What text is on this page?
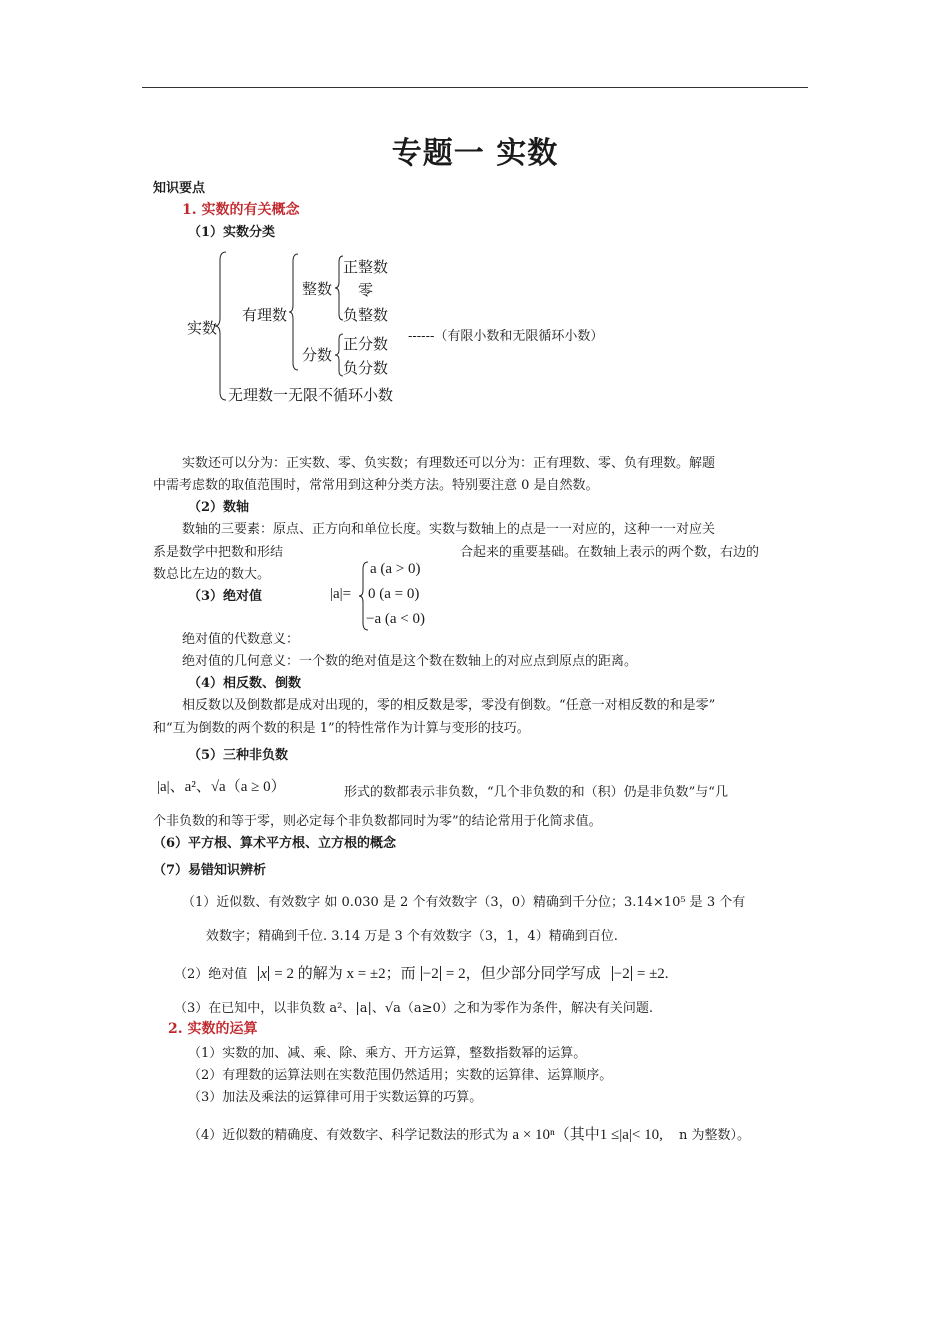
专题一 实数
知识要点
1. 实数的有关概念
（1）实数分类
实数
有理数
整数
正整数
零
负整数
分数
正分数
负分数
------（有限小数和无限循环小数）
无理数一无限不循环小数
实数还可以分为：正实数、零、负实数；有理数还可以分为：正有理数、零、负有理数。解题
中需考虑数的取值范围时，常常用到这种分类方法。特别要注意 0 是自然数。
（2）数轴
数轴的三要素：原点、正方向和单位长度。实数与数轴上的点是一一对应的，这种一一对应关
系是数学中把数和形结	合起来的重要基础。在数轴上表示的两个数，右边的
数总比左边的数大。
（3）绝对值	|a|=
a (a > 0)
0 (a = 0)
−a (a < 0)
绝对值的代数意义：
绝对值的几何意义：一个数的绝对值是这个数在数轴上的对应点到原点的距离。
（4）相反数、倒数
相反数以及倒数都是成对出现的，零的相反数是零，零没有倒数。“任意一对相反数的和是零”
和“互为倒数的两个数的积是 1”的特性常作为计算与变形的技巧。
（5）三种非负数
|a|、a²、√a（a ≥ 0）	形式的数都表示非负数，“几个非负数的和（积）仍是非负数”与“几
个非负数的和等于零，则必定每个非负数都同时为零”的结论常用于化简求值。
（6）平方根、算术平方根、立方根的概念
（7）易错知识辨析
（1）近似数、有效数字 如 0.030 是 2 个有效数字（3，0）精确到千分位；3.14×10⁵ 是 3 个有
效数字；精确到千位. 3.14 万是 3 个有效数字（3，1，4）精确到百位.
（2）绝对值 x = 2 的解为 x = ±2；而 −2 = 2，但少部分同学写成 −2 = ±2.
（3）在已知中，以非负数 a²、|a|、√a（a≥0）之和为零作为条件，解决有关问题.
2. 实数的运算
（1）实数的加、减、乘、除、乘方、开方运算，整数指数幂的运算。
（2）有理数的运算法则在实数范围仍然适用；实数的运算律、运算顺序。
（3）加法及乘法的运算律可用于实数运算的巧算。
（4）近似数的精确度、有效数字、科学记数法的形式为 a × 10ⁿ（其中1 ≤|a|< 10, n 为整数）。
